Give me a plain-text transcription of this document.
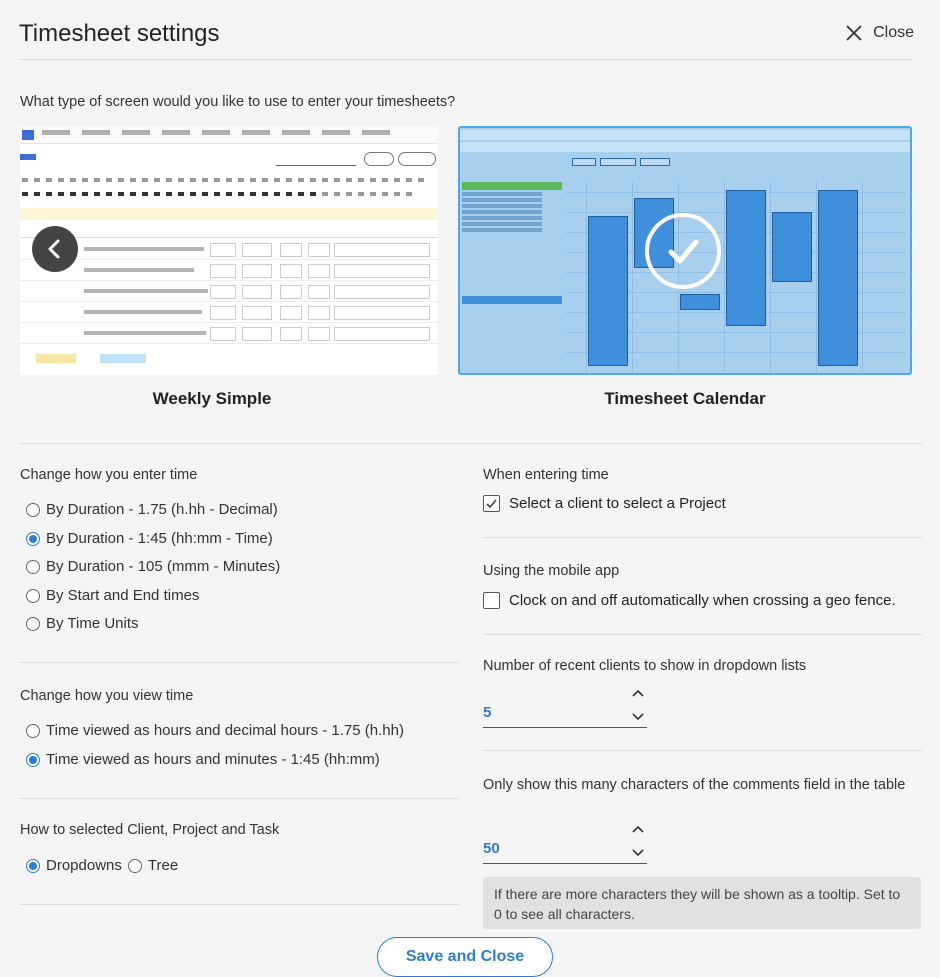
Timesheet settings	Close
What type of screen would you like to use to enter your timesheets?
Weekly Simple	Timesheet Calendar
Change how you enter time
By Duration - 1.75 (h.hh - Decimal)
By Duration - 1:45 (hh:mm - Time)
By Duration - 105 (mmm - Minutes)
By Start and End times
By Time Units
Change how you view time
Time viewed as hours and decimal hours - 1.75 (h.hh)
Time viewed as hours and minutes - 1:45 (hh:mm)
How to selected Client, Project and Task
Dropdowns Tree
When entering time
Select a client to select a Project
Using the mobile app
Clock on and off automatically when crossing a geo fence.
Number of recent clients to show in dropdown lists
5
Only show this many characters of the comments field in the table
50
If there are more characters they will be shown as a tooltip. Set to 0 to see all characters.
Save and Close
